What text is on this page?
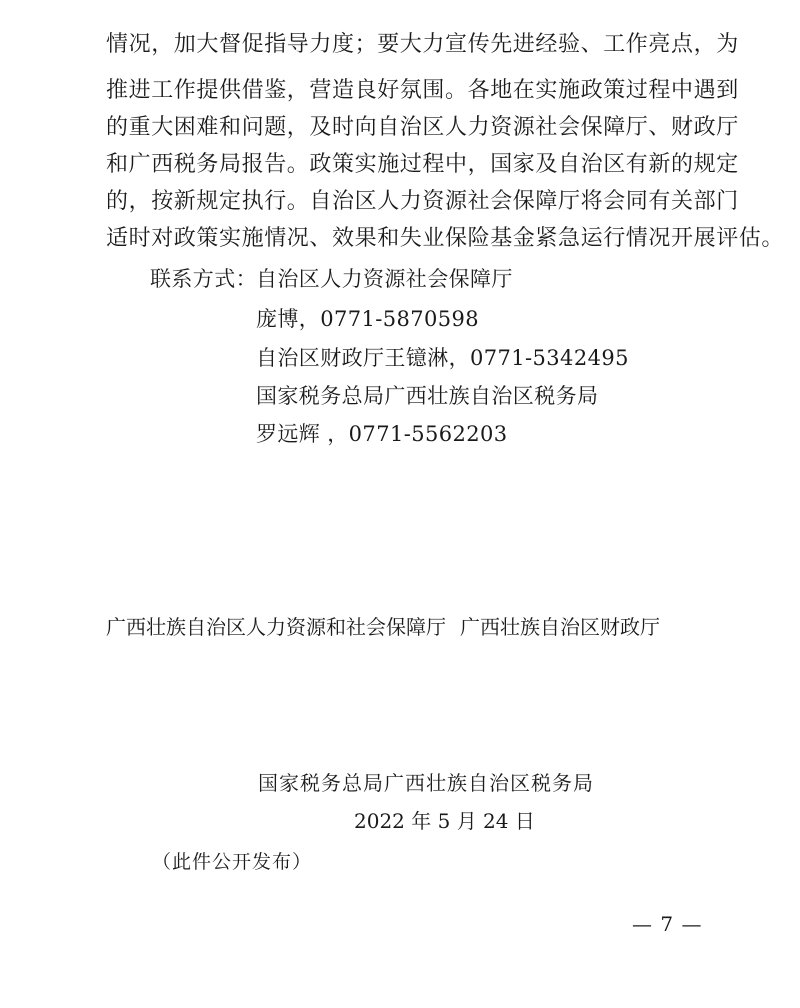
情况，加大督促指导力度；要大力宣传先进经验、工作亮点，为
推进工作提供借鉴，营造良好氛围。各地在实施政策过程中遇到
的重大困难和问题，及时向自治区人力资源社会保障厅、财政厅
和广西税务局报告。政策实施过程中，国家及自治区有新的规定
的，按新规定执行。自治区人力资源社会保障厅将会同有关部门
适时对政策实施情况、效果和失业保险基金紧急运行情况开展评估。
联系方式： 自治区人力资源社会保障厅
庞博，0771-5870598
自治区财政厅王镱淋，0771-5342495
国家税务总局广西壮族自治区税务局
罗远辉 ，0771-5562203
广西壮族自治区人力资源和社会保障厅 广西壮族自治区财政厅
国家税务总局广西壮族自治区税务局
2022 年 5 月 24 日
（此件公开发布）
— 7 —
